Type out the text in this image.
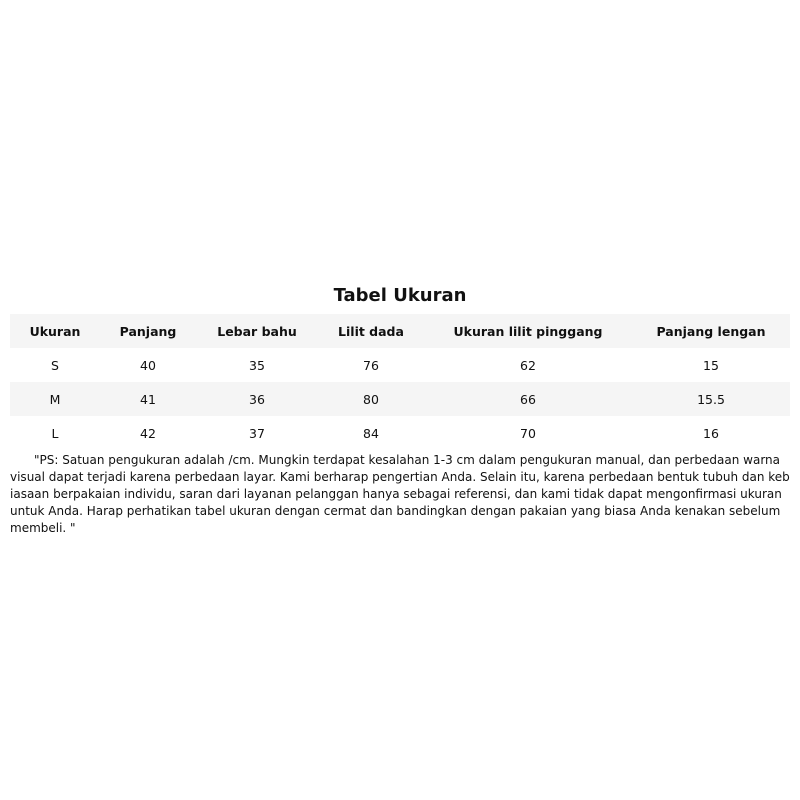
Tabel Ukuran
Ukuran	Panjang	Lebar bahu	Lilit dada	Ukuran lilit pinggang	Panjang lengan
S	40	35	76	62	15
M	41	36	80	66	15.5
L	42	37	84	70	16

"PS: Satuan pengukuran adalah /cm. Mungkin terdapat kesalahan 1-3 cm dalam pengukuran manual, dan perbedaan warna visual dapat terjadi karena perbedaan layar. Kami berharap pengertian Anda. Selain itu, karena perbedaan bentuk tubuh dan kebiasaan berpakaian individu, saran dari layanan pelanggan hanya sebagai referensi, dan kami tidak dapat mengonfirmasi ukuran untuk Anda. Harap perhatikan tabel ukuran dengan cermat dan bandingkan dengan pakaian yang biasa Anda kenakan sebelum membeli. "
